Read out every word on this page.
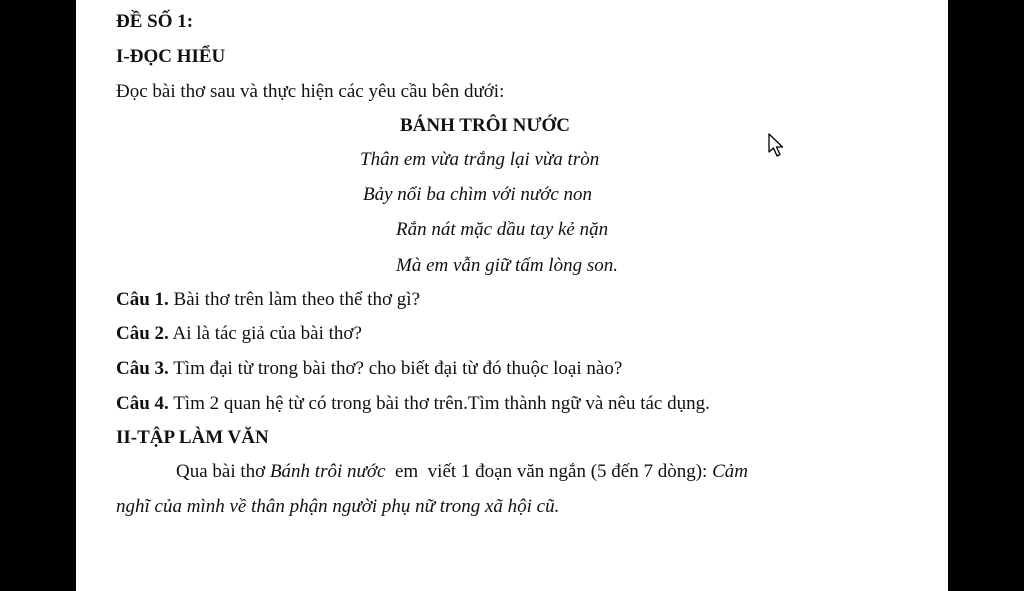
ĐỀ SỐ 1:
I-ĐỌC HIỂU
Đọc bài thơ sau và thực hiện các yêu cầu bên dưới:
BÁNH TRÔI NƯỚC
Thân em vừa trắng lại vừa tròn
Bảy nổi ba chìm với nước non
Rắn nát mặc dầu tay kẻ nặn
Mà em vẫn giữ tấm lòng son.
Câu 1. Bài thơ trên làm theo thể thơ gì?
Câu 2. Ai là tác giả của bài thơ?
Câu 3. Tìm đại từ trong bài thơ? cho biết đại từ đó thuộc loại nào?
Câu 4. Tìm 2 quan hệ từ có trong bài thơ trên.Tìm thành ngữ và nêu tác dụng.
II-TẬP LÀM VĂN
Qua bài thơ Bánh trôi nước  em  viết 1 đoạn văn ngắn (5 đến 7 dòng): Cảm
nghĩ của mình về thân phận người phụ nữ trong xã hội cũ.
